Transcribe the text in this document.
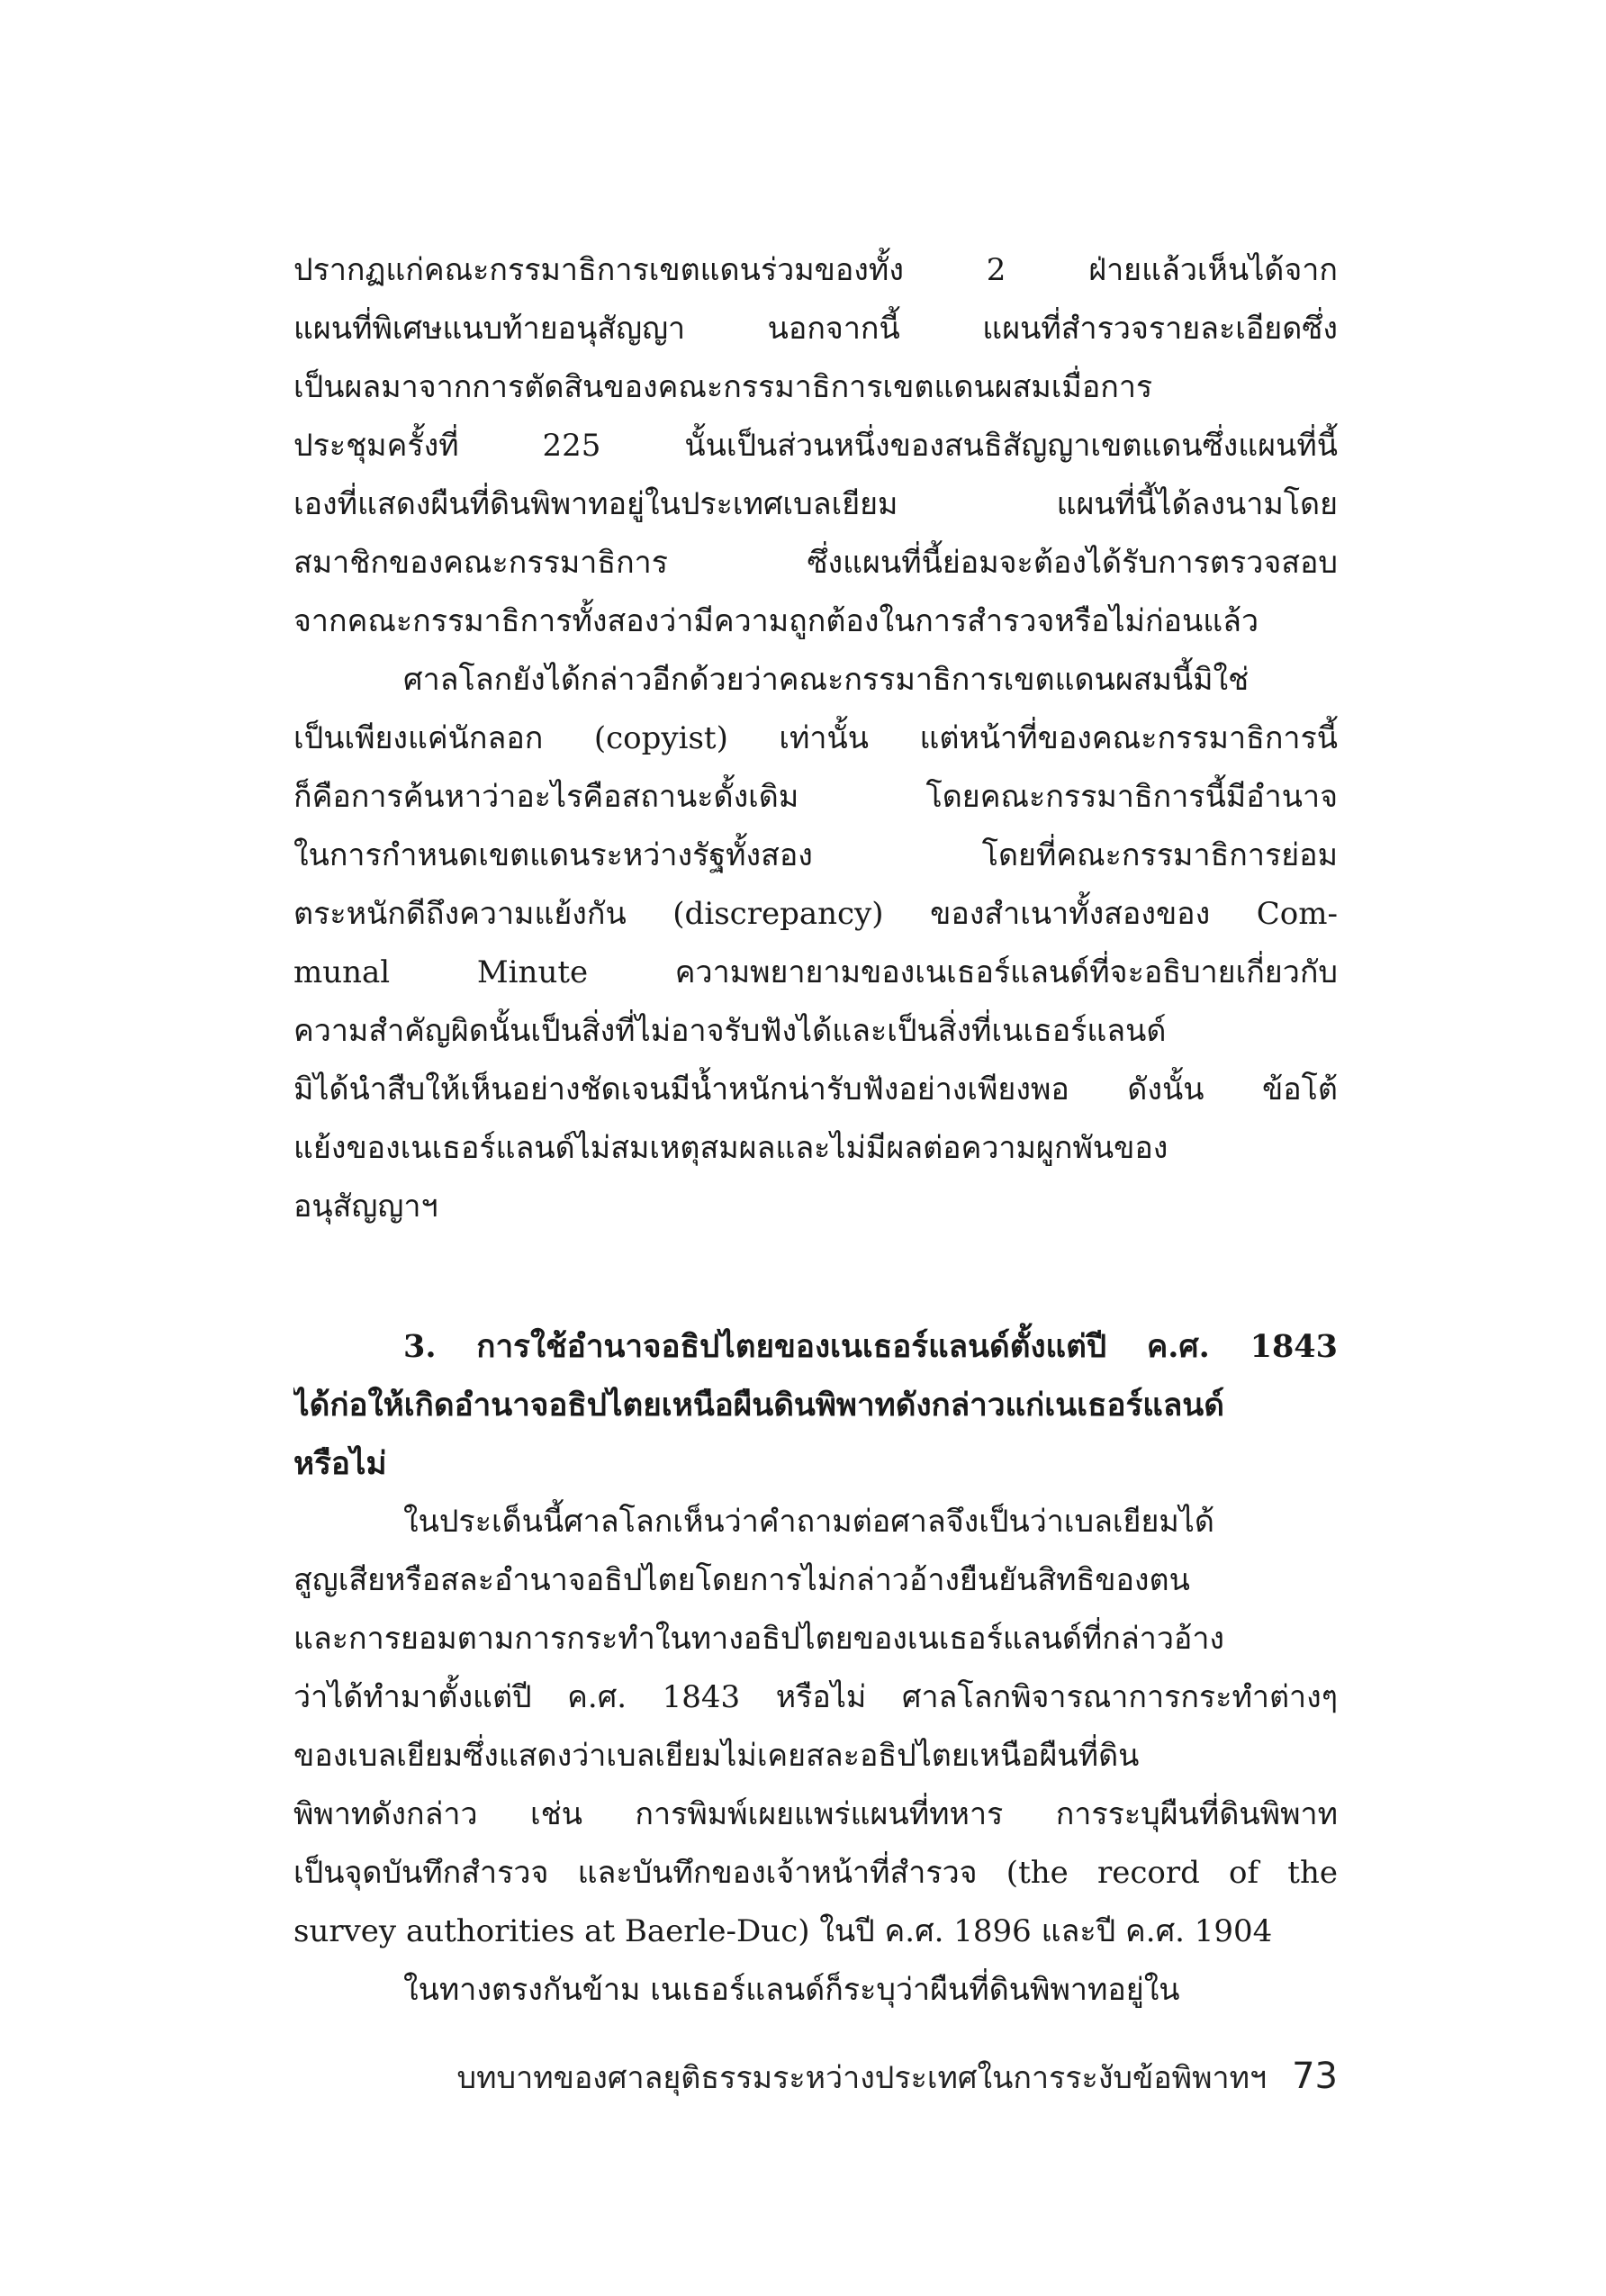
ปรากฏแก่คณะกรรมาธิการเขตแดนร่วมของทั้ง 2 ฝ่ายแล้วเห็นได้จาก
แผนที่พิเศษแนบท้ายอนุสัญญา นอกจากนี้ แผนที่สำรวจรายละเอียดซึ่ง
เป็นผลมาจากการตัดสินของคณะกรรมาธิการเขตแดนผสมเมื่อการ
ประชุมครั้งที่ 225 นั้นเป็นส่วนหนึ่งของสนธิสัญญาเขตแดนซึ่งแผนที่นี้
เองที่แสดงผืนที่ดินพิพาทอยู่ในประเทศเบลเยียม แผนที่นี้ได้ลงนามโดย
สมาชิกของคณะกรรมาธิการ ซึ่งแผนที่นี้ย่อมจะต้องได้รับการตรวจสอบ
จากคณะกรรมาธิการทั้งสองว่ามีความถูกต้องในการสำรวจหรือไม่ก่อนแล้ว
ศาลโลกยังได้กล่าวอีกด้วยว่าคณะกรรมาธิการเขตแดนผสมนี้มิใช่
เป็นเพียงแค่นักลอก (copyist) เท่านั้น แต่หน้าที่ของคณะกรรมาธิการนี้
ก็คือการค้นหาว่าอะไรคือสถานะดั้งเดิม โดยคณะกรรมาธิการนี้มีอำนาจ
ในการกำหนดเขตแดนระหว่างรัฐทั้งสอง โดยที่คณะกรรมาธิการย่อม
ตระหนักดีถึงความแย้งกัน (discrepancy) ของสำเนาทั้งสองของ Com-
munal Minute ความพยายามของเนเธอร์แลนด์ที่จะอธิบายเกี่ยวกับ
ความสำคัญผิดนั้นเป็นสิ่งที่ไม่อาจรับฟังได้และเป็นสิ่งที่เนเธอร์แลนด์
มิได้นำสืบให้เห็นอย่างชัดเจนมีน้ำหนักน่ารับฟังอย่างเพียงพอ ดังนั้น ข้อโต้
แย้งของเนเธอร์แลนด์ไม่สมเหตุสมผลและไม่มีผลต่อความผูกพันของ
อนุสัญญาฯ
3. การใช้อำนาจอธิปไตยของเนเธอร์แลนด์ตั้งแต่ปี ค.ศ. 1843
ได้ก่อให้เกิดอำนาจอธิปไตยเหนือผืนดินพิพาทดังกล่าวแก่เนเธอร์แลนด์
หรือไม่
ในประเด็นนี้ศาลโลกเห็นว่าคำถามต่อศาลจึงเป็นว่าเบลเยียมได้
สูญเสียหรือสละอำนาจอธิปไตยโดยการไม่กล่าวอ้างยืนยันสิทธิของตน
และการยอมตามการกระทำในทางอธิปไตยของเนเธอร์แลนด์ที่กล่าวอ้าง
ว่าได้ทำมาตั้งแต่ปี ค.ศ. 1843 หรือไม่ ศาลโลกพิจารณาการกระทำต่างๆ
ของเบลเยียมซึ่งแสดงว่าเบลเยียมไม่เคยสละอธิปไตยเหนือผืนที่ดิน
พิพาทดังกล่าว เช่น การพิมพ์เผยแพร่แผนที่ทหาร การระบุผืนที่ดินพิพาท
เป็นจุดบันทึกสำรวจ และบันทึกของเจ้าหน้าที่สำรวจ (the record of the
survey authorities at Baerle-Duc) ในปี ค.ศ. 1896 และปี ค.ศ. 1904
ในทางตรงกันข้าม เนเธอร์แลนด์ก็ระบุว่าผืนที่ดินพิพาทอยู่ใน
บทบาทของศาลยุติธรรมระหว่างประเทศในการระงับข้อพิพาทฯ 73
